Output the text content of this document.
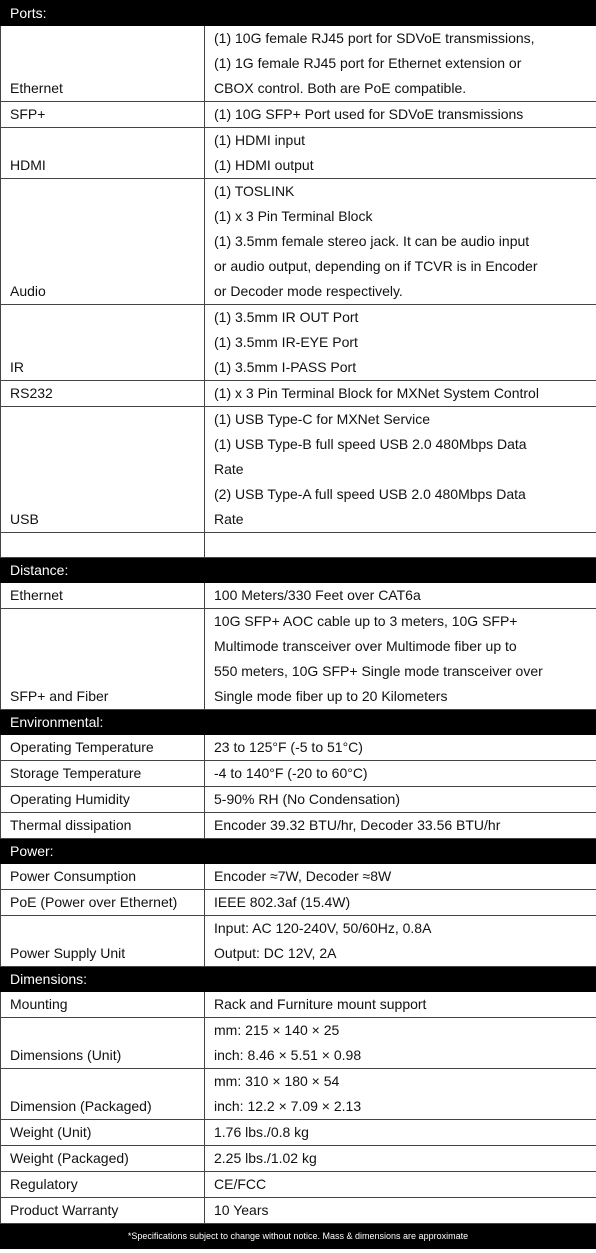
Ports:	
Ethernet	(1) 10G female RJ45 port for SDVoE transmissions,
(1) 1G female RJ45 port for Ethernet extension or
CBOX control. Both are PoE compatible.

SFP+	(1) 10G SFP+ Port used for SDVoE transmissions

HDMI	(1) HDMI input
(1) HDMI output

Audio	(1) TOSLINK
(1) x 3 Pin Terminal Block
(1) 3.5mm female stereo jack. It can be audio input
or audio output, depending on if TCVR is in Encoder
or Decoder mode respectively.

IR	(1) 3.5mm IR OUT Port
(1) 3.5mm IR-EYE Port
(1) 3.5mm I-PASS Port

RS232	(1) x 3 Pin Terminal Block for MXNet System Control

USB	(1) USB Type-C for MXNet Service
(1) USB Type-B full speed USB 2.0 480Mbps Data
Rate
(2) USB Type-A full speed USB 2.0 480Mbps Data
Rate

Distance:	
Ethernet	100 Meters/330 Feet over CAT6a

SFP+ and Fiber	10G SFP+ AOC cable up to 3 meters, 10G SFP+
Multimode transceiver over Multimode fiber up to
550 meters, 10G SFP+ Single mode transceiver over
Single mode fiber up to 20 Kilometers

Environmental:	
Operating Temperature	23 to 125°F (-5 to 51°C)

Storage Temperature	-4 to 140°F (-20 to 60°C)

Operating Humidity	5-90% RH (No Condensation)

Thermal dissipation	Encoder 39.32 BTU/hr, Decoder 33.56 BTU/hr

Power:	
Power Consumption	Encoder ≈7W, Decoder ≈8W

PoE (Power over Ethernet)	IEEE 802.3af (15.4W)

Power Supply Unit	Input: AC 120-240V, 50/60Hz, 0.8A
Output: DC 12V, 2A

Dimensions:	
Mounting	Rack and Furniture mount support

Dimensions (Unit)	mm: 215 × 140 × 25
inch: 8.46 × 5.51 × 0.98

Dimension (Packaged)	mm: 310 × 180 × 54
inch: 12.2 × 7.09 × 2.13

Weight (Unit)	1.76 lbs./0.8 kg

Weight (Packaged)	2.25 lbs./1.02 kg

Regulatory	CE/FCC

Product Warranty	10 Years
*Specifications subject to change without notice. Mass & dimensions are approximate
